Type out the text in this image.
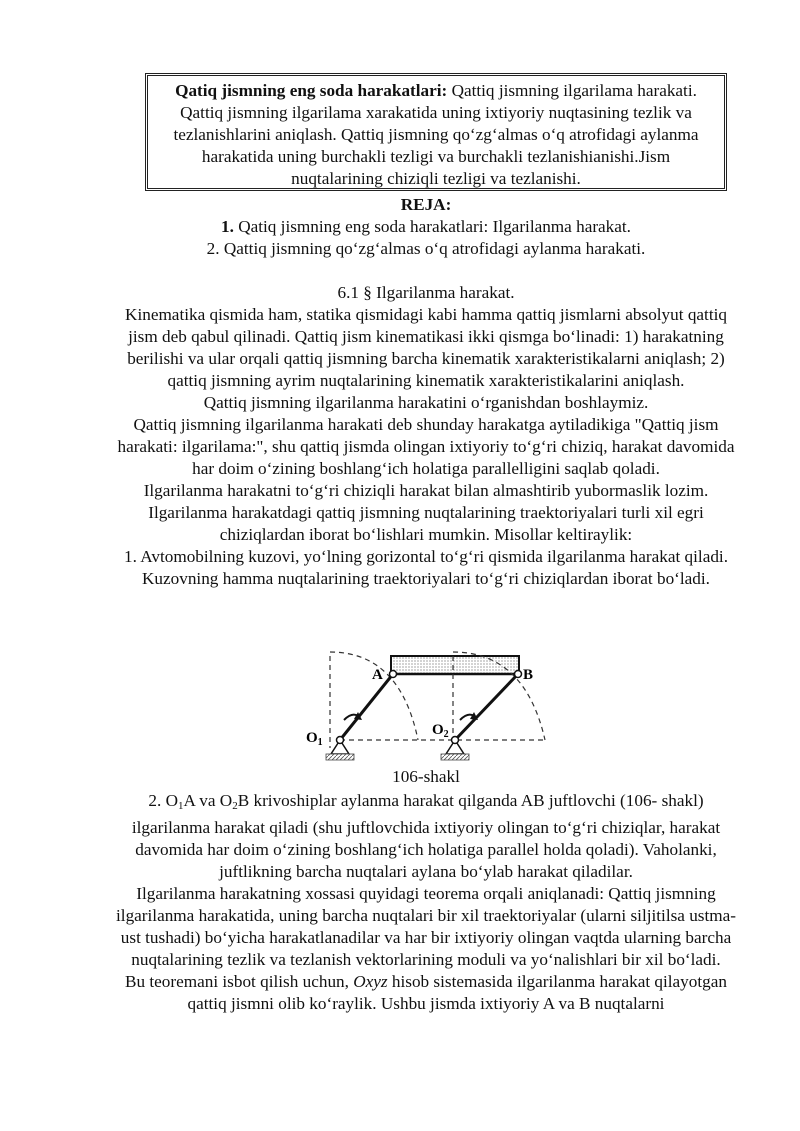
Qatiq jismning eng soda harakatlari: Qattiq jismning ilgarilama harakati. Qattiq jismning ilgarilama xarakatida uning ixtiyoriy nuqtasining tezlik va tezlanishlarini aniqlash. Qattiq jismning qo‘zg‘almas o‘q atrofidagi aylanma harakatida uning burchakli tezligi va burchakli tezlanishianishi.Jism nuqtalarining chiziqli tezligi va tezlanishi.
REJA:
1. Qatiq jismning eng soda harakatlari: Ilgarilanma harakat.
2. Qattiq jismning qo‘zg‘almas o‘q atrofidagi aylanma harakati.
6.1 § Ilgarilanma harakat.
Kinematika qismida ham, statika qismidagi kabi hamma qattiq jismlarni absolyut qattiq jism deb qabul qilinadi. Qattiq jism kinematikasi ikki qismga bo‘linadi: 1) harakatning berilishi va ular orqali qattiq jismning barcha kinematik xarakteristikalarni aniqlash; 2) qattiq jismning ayrim nuqtalarining kinematik xarakteristikalarini aniqlash.
Qattiq jismning ilgarilanma harakatini o‘rganishdan boshlaymiz.
Qattiq jismning ilgarilanma harakati deb shunday harakatga aytiladikiga "Qattiq jism harakati: ilgarilama:", shu qattiq jismda olingan ixtiyoriy to‘g‘ri chiziq, harakat davomida har doim o‘zining boshlang‘ich holatiga parallelligini saqlab qoladi.
Ilgarilanma harakatni to‘g‘ri chiziqli harakat bilan almashtirib yubormaslik lozim. Ilgarilanma harakatdagi qattiq jismning nuqtalarining traektoriyalari turli xil egri chiziqlardan iborat bo‘lishlari mumkin. Misollar keltiraylik:
1. Avtomobilning kuzovi, yo‘lning gorizontal to‘g‘ri qismida ilgarilanma harakat qiladi. Kuzovning hamma nuqtalarining traektoriyalari to‘g‘ri chiziqlardan iborat bo‘ladi.
A	B
$O_1$
$O_2$
106-shakl
2. $O_1A$ va $O_2B$ krivoshiplar aylanma harakat qilganda AB juftlovchi (106- shakl) ilgarilanma harakat qiladi (shu juftlovchida ixtiyoriy olingan to‘g‘ri chiziqlar, harakat davomida har doim o‘zining boshlang‘ich holatiga parallel holda qoladi). Vaholanki, juftlikning barcha nuqtalari aylana bo‘ylab harakat qiladilar.
Ilgarilanma harakatning xossasi quyidagi teorema orqali aniqlanadi: Qattiq jismning ilgarilanma harakatida, uning barcha nuqtalari bir xil traektoriyalar (ularni siljitilsa ustma-ust tushadi) bo‘yicha harakatlanadilar va har bir ixtiyoriy olingan vaqtda ularning barcha nuqtalarining tezlik va tezlanish vektorlarining moduli va yo‘nalishlari bir xil bo‘ladi.
Bu teoremani isbot qilish uchun, Oxyz hisob sistemasida ilgarilanma harakat qilayotgan qattiq jismni olib ko‘raylik. Ushbu jismda ixtiyoriy A va B nuqtalarni
